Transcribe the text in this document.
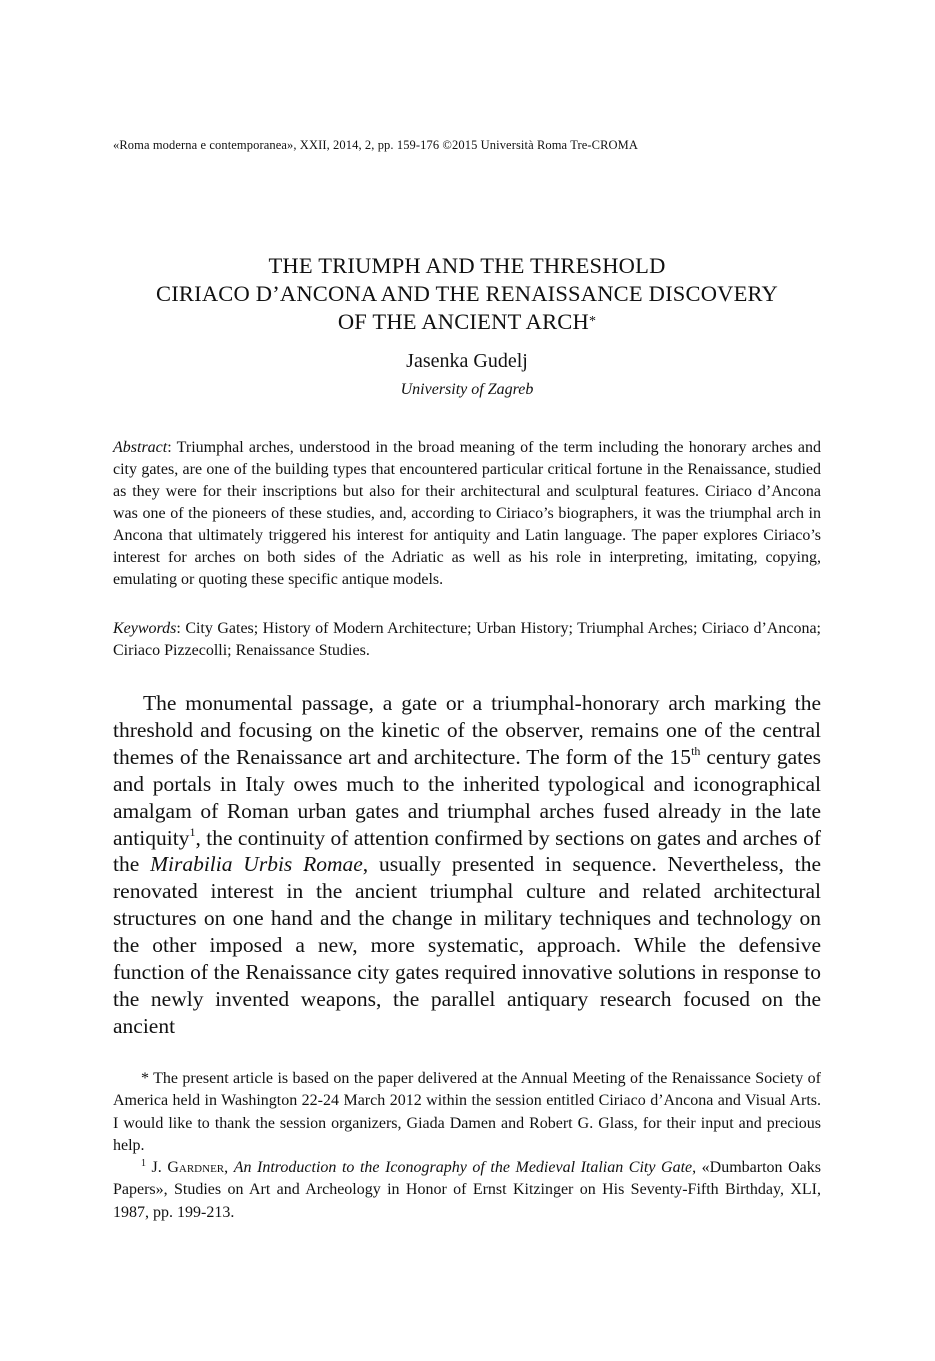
«Roma moderna e contemporanea», XXII, 2014, 2, pp. 159-176 ©2015 Università Roma Tre-CROMA
THE TRIUMPH AND THE THRESHOLD
CIRIACO D’ANCONA AND THE RENAISSANCE DISCOVERY
OF THE ANCIENT ARCH*
Jasenka Gudelj
University of Zagreb
Abstract: Triumphal arches, understood in the broad meaning of the term including the honorary arches and city gates, are one of the building types that encountered particular critical fortune in the Renaissance, studied as they were for their inscriptions but also for their architectural and sculptural features. Ciriaco d’Ancona was one of the pioneers of these studies, and, according to Ciriaco’s biographers, it was the triumphal arch in Ancona that ultimately triggered his interest for antiquity and Latin language. The paper explores Ciriaco’s interest for arches on both sides of the Adriatic as well as his role in interpreting, imitating, copying, emulating or quoting these specific antique models.
Keywords: City Gates; History of Modern Architecture; Urban History; Triumphal Arches; Ciriaco d’Ancona; Ciriaco Pizzecolli; Renaissance Studies.
The monumental passage, a gate or a triumphal-honorary arch marking the threshold and focusing on the kinetic of the observer, remains one of the central themes of the Renaissance art and architecture. The form of the 15th century gates and portals in Italy owes much to the inherited typological and iconographical amalgam of Roman urban gates and triumphal arches fused already in the late antiquity$^1$, the continuity of attention confirmed by sections on gates and arches of the Mirabilia Urbis Romae, usually presented in sequence. Nevertheless, the renovated interest in the ancient triumphal culture and related architectural structures on one hand and the change in military techniques and technology on the other imposed a new, more systematic, approach. While the defensive function of the Renaissance city gates required innovative solutions in response to the newly invented weapons, the parallel antiquary research focused on the ancient

* The present article is based on the paper delivered at the Annual Meeting of the Renaissance Society of America held in Washington 22-24 March 2012 within the session entitled Ciriaco d’Ancona and Visual Arts. I would like to thank the session organizers, Giada Damen and Robert G. Glass, for their input and precious help.

$^1$ J. Gardner, An Introduction to the Iconography of the Medieval Italian City Gate, «Dumbarton Oaks Papers», Studies on Art and Archeology in Honor of Ernst Kitzinger on His Seventy-Fifth Birthday, XLI, 1987, pp. 199-213.
